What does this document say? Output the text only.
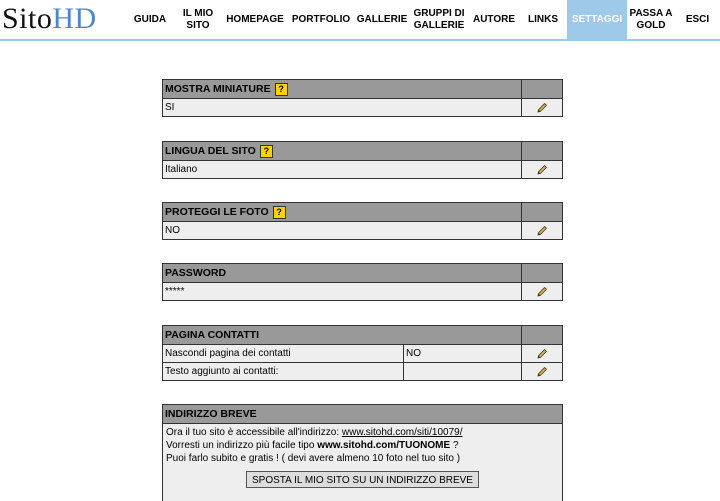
Sito HD	GUIDA
IL MIO SITO
HOMEPAGE PORTFOLIO GALLERIE
GRUPPI DI GALLERIE
AUTORE	LINKS	SETTAGGI
PASSA A GOLD
ESCI
MOSTRA MINIATURE ?
SI
LINGUA DEL SITO ?
Italiano
PROTEGGI LE FOTO ?
NO
PASSWORD
*****
PAGINA CONTATTI
Nascondi pagina dei contatti	NO
Testo aggiunto ai contatti:
INDIRIZZO BREVE
Ora il tuo sito è accessibile all'indirizzo: www.sitohd.com/siti/10079/
Vorresti un indirizzo più facile tipo www.sitohd.com/TUONOME ?
Puoi farlo subito e gratis ! ( devi avere almeno 10 foto nel tuo sito )
SPOSTA IL MIO SITO SU UN INDIRIZZO BREVE
